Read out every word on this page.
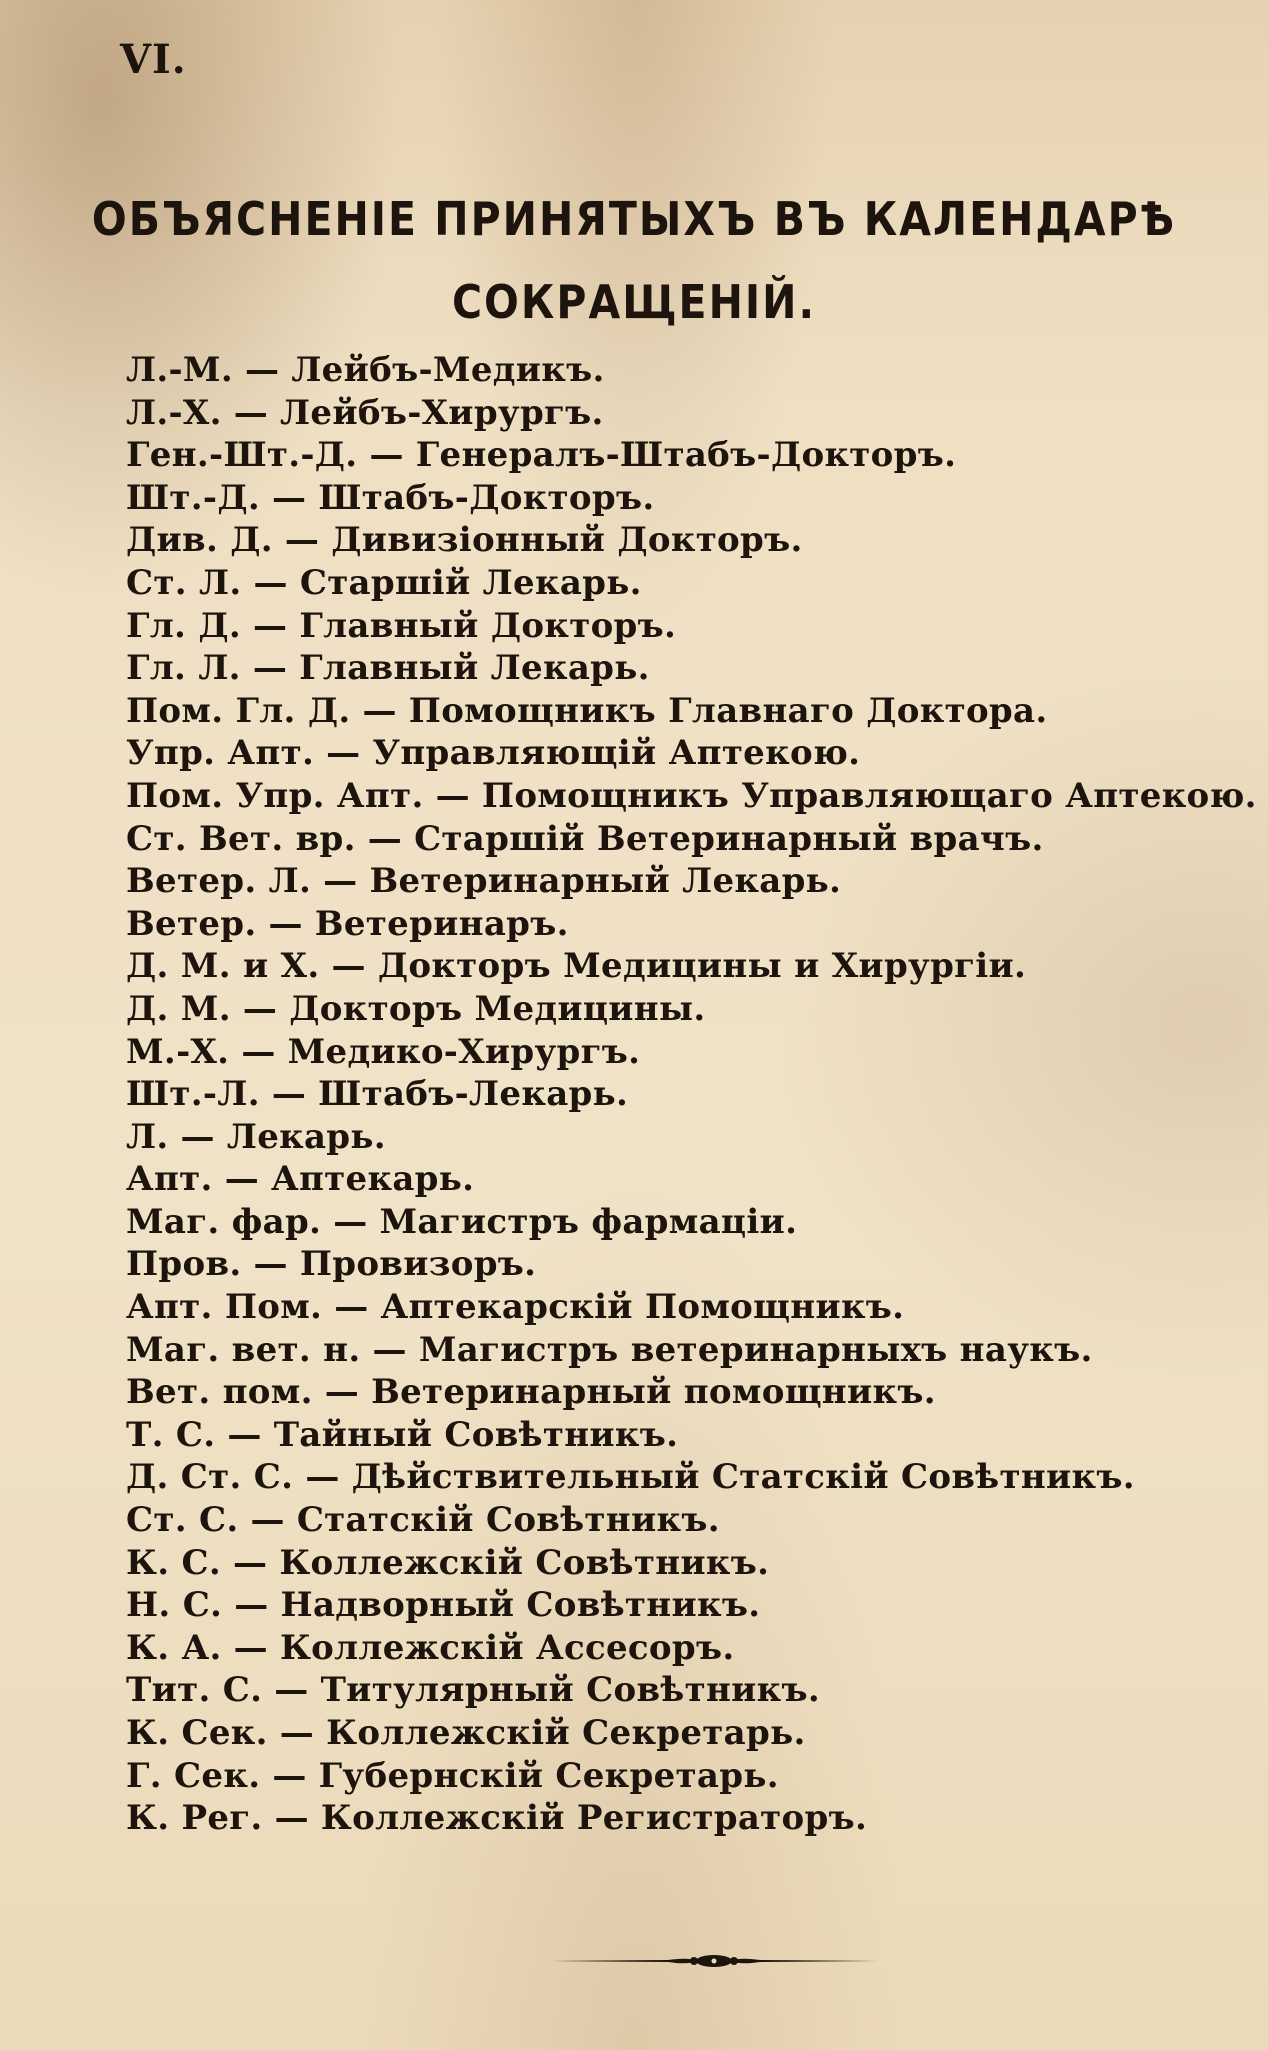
VI.
ОБЪЯСНЕНІЕ ПРИНЯТЫХЪ ВЪ КАЛЕНДАРѢ
СОКРАЩЕНІЙ.
Л.-М. — Лейбъ-Медикъ.
Л.-Х. — Лейбъ-Хирургъ.
Ген.-Шт.-Д. — Генералъ-Штабъ-Докторъ.
Шт.-Д. — Штабъ-Докторъ.
Див. Д. — Дивизіонный Докторъ.
Ст. Л. — Старшій Лекарь.
Гл. Д. — Главный Докторъ.
Гл. Л. — Главный Лекарь.
Пом. Гл. Д. — Помощникъ Главнаго Доктора.
Упр. Апт. — Управляющій Аптекою.
Пом. Упр. Апт. — Помощникъ Управляющаго Аптекою.
Ст. Вет. вр. — Старшій Ветеринарный врачъ.
Ветер. Л. — Ветеринарный Лекарь.
Ветер. — Ветеринаръ.
Д. М. и Х. — Докторъ Медицины и Хирургіи.
Д. М. — Докторъ Медицины.
М.-Х. — Медико-Хирургъ.
Шт.-Л. — Штабъ-Лекарь.
Л. — Лекарь.
Апт. — Аптекарь.
Маг. фар. — Магистръ фармаціи.
Пров. — Провизоръ.
Апт. Пом. — Аптекарскій Помощникъ.
Маг. вет. н. — Магистръ ветеринарныхъ наукъ.
Вет. пом. — Ветеринарный помощникъ.
Т. С. — Тайный Совѣтникъ.
Д. Ст. С. — Дѣйствительный Статскій Совѣтникъ.
Ст. С. — Статскій Совѣтникъ.
К. С. — Коллежскій Совѣтникъ.
Н. С. — Надворный Совѣтникъ.
К. А. — Коллежскій Ассесоръ.
Тит. С. — Титулярный Совѣтникъ.
К. Сек. — Коллежскій Секретарь.
Г. Сек. — Губернскій Секретарь.
К. Рег. — Коллежскій Регистраторъ.
